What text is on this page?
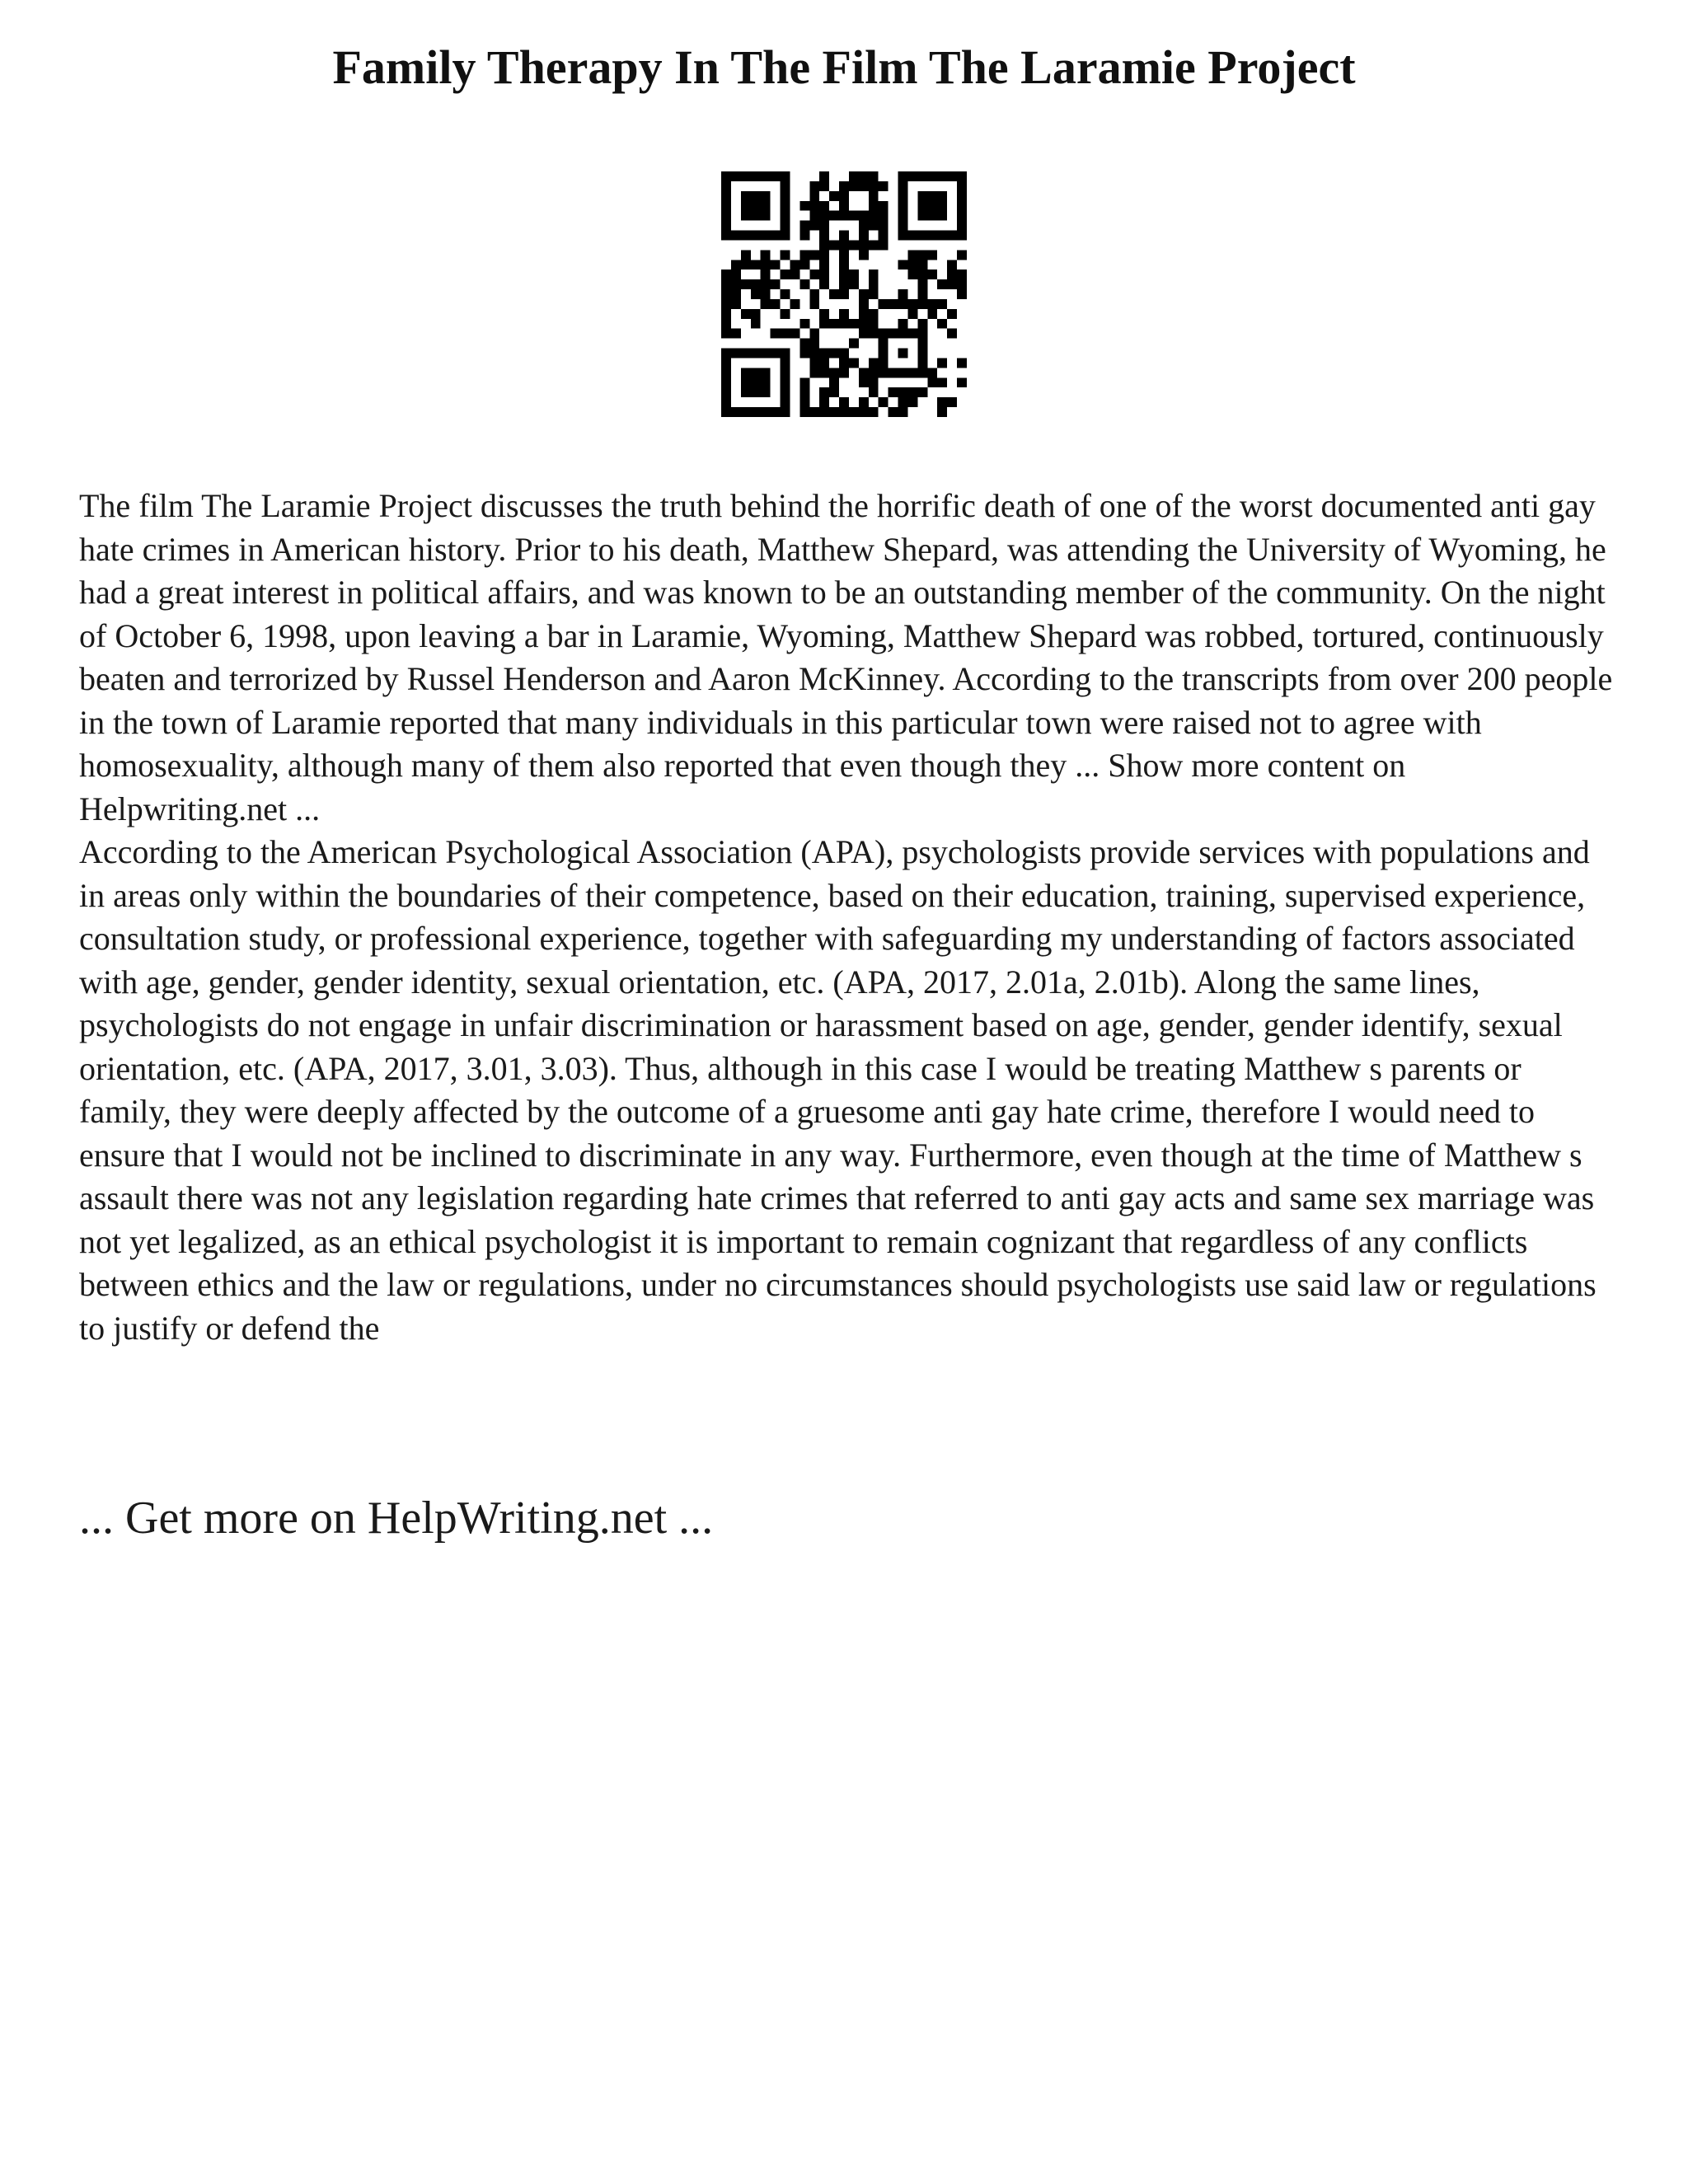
Family Therapy In The Film The Laramie Project

The film The Laramie Project discusses the truth behind the horrific death of one of the worst documented anti gay hate crimes in American history. Prior to his death, Matthew Shepard, was attending the University of Wyoming, he had a great interest in political affairs, and was known to be an outstanding member of the community. On the night of October 6, 1998, upon leaving a bar in Laramie, Wyoming, Matthew Shepard was robbed, tortured, continuously beaten and terrorized by Russel Henderson and Aaron McKinney. According to the transcripts from over 200 people in the town of Laramie reported that many individuals in this particular town were raised not to agree with homosexuality, although many of them also reported that even though they ... Show more content on Helpwriting.net ...

According to the American Psychological Association (APA), psychologists provide services with populations and in areas only within the boundaries of their competence, based on their education, training, supervised experience, consultation study, or professional experience, together with safeguarding my understanding of factors associated with age, gender, gender identity, sexual orientation, etc. (APA, 2017, 2.01a, 2.01b). Along the same lines, psychologists do not engage in unfair discrimination or harassment based on age, gender, gender identify, sexual orientation, etc. (APA, 2017, 3.01, 3.03). Thus, although in this case I would be treating Matthew s parents or family, they were deeply affected by the outcome of a gruesome anti gay hate crime, therefore I would need to ensure that I would not be inclined to discriminate in any way. Furthermore, even though at the time of Matthew s assault there was not any legislation regarding hate crimes that referred to anti gay acts and same sex marriage was not yet legalized, as an ethical psychologist it is important to remain cognizant that regardless of any conflicts between ethics and the law or regulations, under no circumstances should psychologists use said law or regulations to justify or defend the

... Get more on HelpWriting.net ...
